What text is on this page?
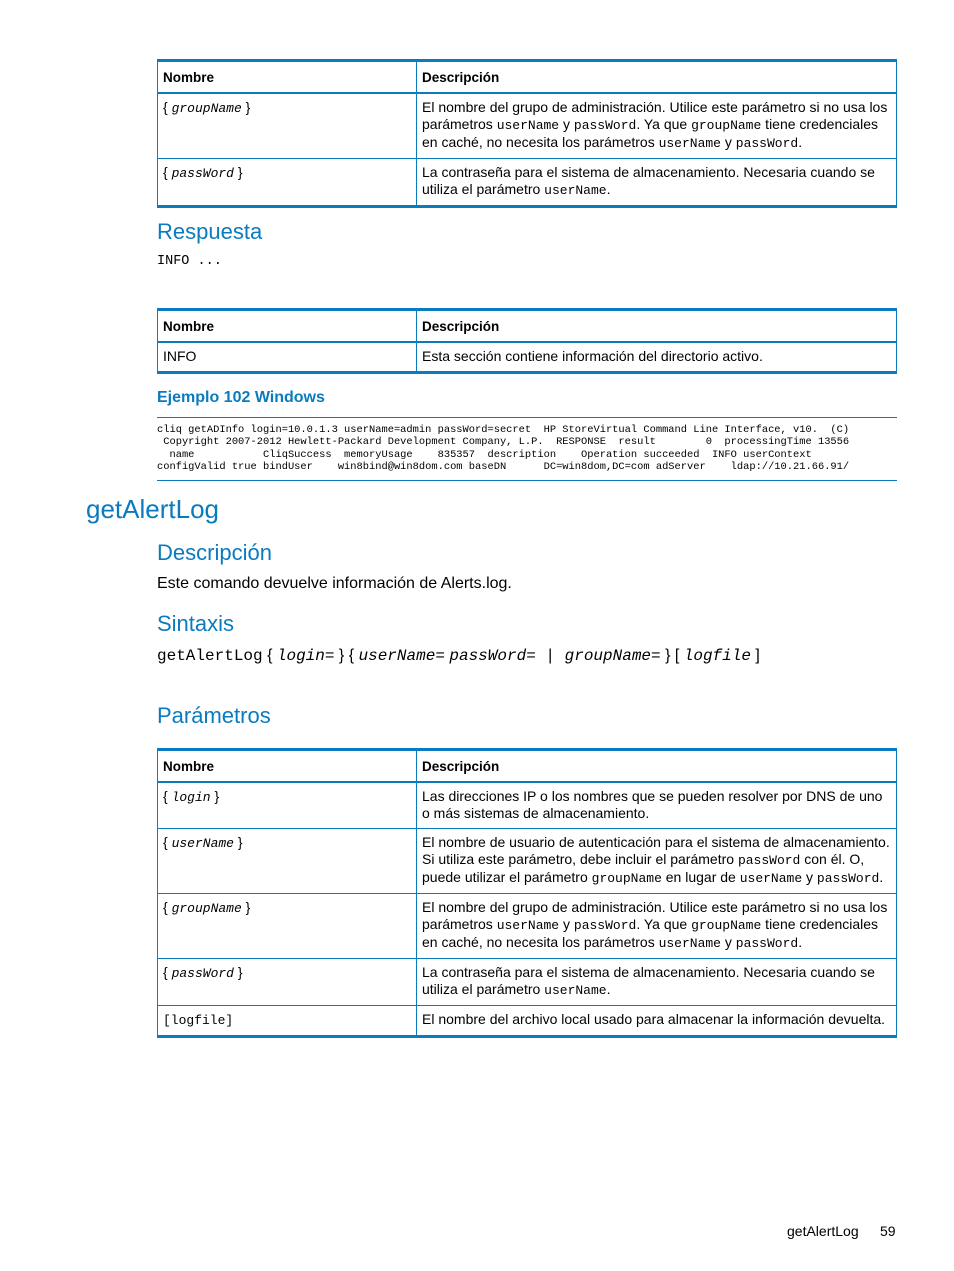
Nombre	Descripción
{ groupName }	El nombre del grupo de administración. Utilice este parámetro si no usa los parámetros userName y passWord. Ya que groupName tiene credenciales en caché, no necesita los parámetros userName y passWord.
{ passWord }	La contraseña para el sistema de almacenamiento. Necesaria cuando se utiliza el parámetro userName.
Respuesta
INFO ...
Nombre	Descripción
INFO	Esta sección contiene información del directorio activo.
Ejemplo 102 Windows
cliq getADInfo login=10.0.1.3 userName=admin passWord=secret  HP StoreVirtual Command Line Interface, v10.  (C)
Copyright 2007-2012 Hewlett-Packard Development Company, L.P.  RESPONSE  result        0  processingTime 13556
name           CliqSuccess  memoryUsage    835357  description    Operation succeeded  INFO userContext
configValid true bindUser    win8bind@win8dom.com baseDN      DC=win8dom,DC=com adServer    ldap://10.21.66.91/
getAlertLog
Descripción
Este comando devuelve información de Alerts.log.
Sintaxis
getAlertLog { login= } { userName= passWord= | groupName= } [ logfile ]
Parámetros
Nombre	Descripción
{ login }	Las direcciones IP o los nombres que se pueden resolver por DNS de uno o más sistemas de almacenamiento.
{ userName }	El nombre de usuario de autenticación para el sistema de almacenamiento. Si utiliza este parámetro, debe incluir el parámetro passWord con él. O, puede utilizar el parámetro groupName en lugar de userName y passWord.
{ groupName }	El nombre del grupo de administración. Utilice este parámetro si no usa los parámetros userName y passWord. Ya que groupName tiene credenciales en caché, no necesita los parámetros userName y passWord.
{ passWord }	La contraseña para el sistema de almacenamiento. Necesaria cuando se utiliza el parámetro userName.
[logfile]	El nombre del archivo local usado para almacenar la información devuelta.
getAlertLog 59
